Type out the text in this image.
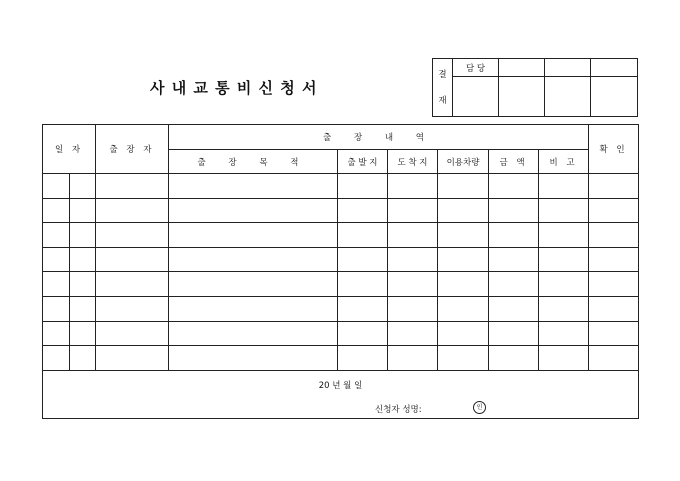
사 내 교 통 비 신 청 서
결
재	담 당			

일 자		출 장 자	출 장 내 역						확 인
			출 장 목 적	출 발 지	도 착 지	이용차량	금 액	비 고	

20 년 월 일
신청자 성명: 인									
